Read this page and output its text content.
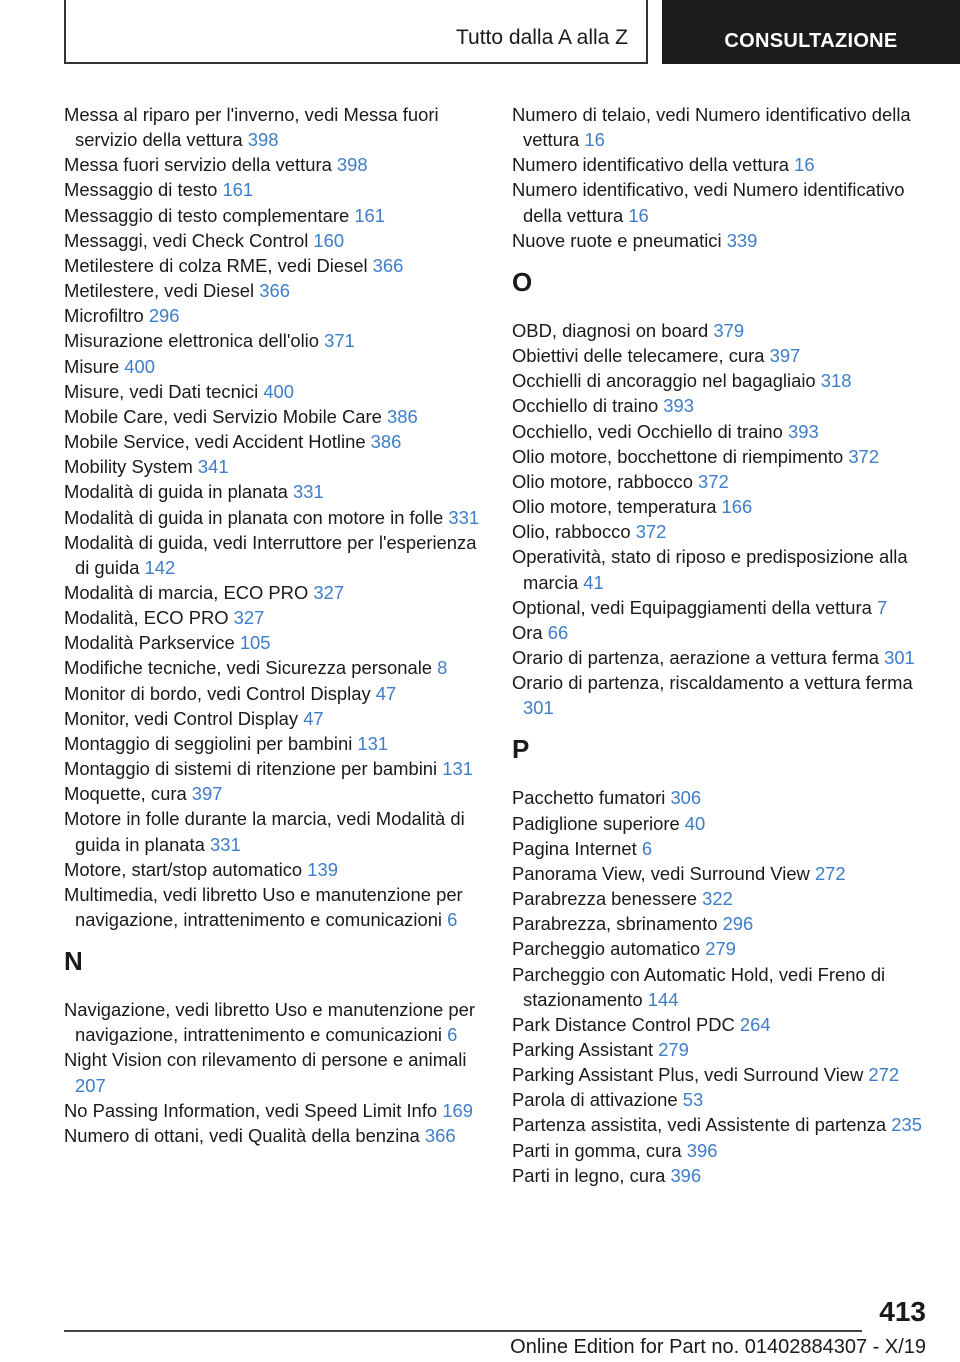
Tutto dalla A alla Z	CONSULTAZIONE
Messa al riparo per l'inverno, vedi Messa fuori servizio della vettura 398
Messa fuori servizio della vettura 398
Messaggio di testo 161
Messaggio di testo complementare 161
Messaggi, vedi Check Control 160
Metilestere di colza RME, vedi Diesel 366
Metilestere, vedi Diesel 366
Microfiltro 296
Misurazione elettronica dell'olio 371
Misure 400
Misure, vedi Dati tecnici 400
Mobile Care, vedi Servizio Mobile Care 386
Mobile Service, vedi Accident Hotline 386
Mobility System 341
Modalità di guida in planata 331
Modalità di guida in planata con motore in folle 331
Modalità di guida, vedi Interruttore per l'esperienza di guida 142
Modalità di marcia, ECO PRO 327
Modalità, ECO PRO 327
Modalità Parkservice 105
Modifiche tecniche, vedi Sicurezza personale 8
Monitor di bordo, vedi Control Display 47
Monitor, vedi Control Display 47
Montaggio di seggiolini per bambini 131
Montaggio di sistemi di ritenzione per bambini 131
Moquette, cura 397
Motore in folle durante la marcia, vedi Modalità di guida in planata 331
Motore, start/stop automatico 139
Multimedia, vedi libretto Uso e manutenzione per navigazione, intrattenimento e comunicazioni 6
N
Navigazione, vedi libretto Uso e manutenzione per navigazione, intrattenimento e comunicazioni 6
Night Vision con rilevamento di persone e animali 207
No Passing Information, vedi Speed Limit Info 169
Numero di ottani, vedi Qualità della benzina 366
Numero di telaio, vedi Numero identificativo della vettura 16
Numero identificativo della vettura 16
Numero identificativo, vedi Numero identificativo della vettura 16
Nuove ruote e pneumatici 339
O
OBD, diagnosi on board 379
Obiettivi delle telecamere, cura 397
Occhielli di ancoraggio nel bagagliaio 318
Occhiello di traino 393
Occhiello, vedi Occhiello di traino 393
Olio motore, bocchettone di riempimento 372
Olio motore, rabbocco 372
Olio motore, temperatura 166
Olio, rabbocco 372
Operatività, stato di riposo e predisposizione alla marcia 41
Optional, vedi Equipaggiamenti della vettura 7
Ora 66
Orario di partenza, aerazione a vettura ferma 301
Orario di partenza, riscaldamento a vettura ferma 301
P
Pacchetto fumatori 306
Padiglione superiore 40
Pagina Internet 6
Panorama View, vedi Surround View 272
Parabrezza benessere 322
Parabrezza, sbrinamento 296
Parcheggio automatico 279
Parcheggio con Automatic Hold, vedi Freno di stazionamento 144
Park Distance Control PDC 264
Parking Assistant 279
Parking Assistant Plus, vedi Surround View 272
Parola di attivazione 53
Partenza assistita, vedi Assistente di partenza 235
Parti in gomma, cura 396
Parti in legno, cura 396
413
Online Edition for Part no. 01402884307 - X/19
